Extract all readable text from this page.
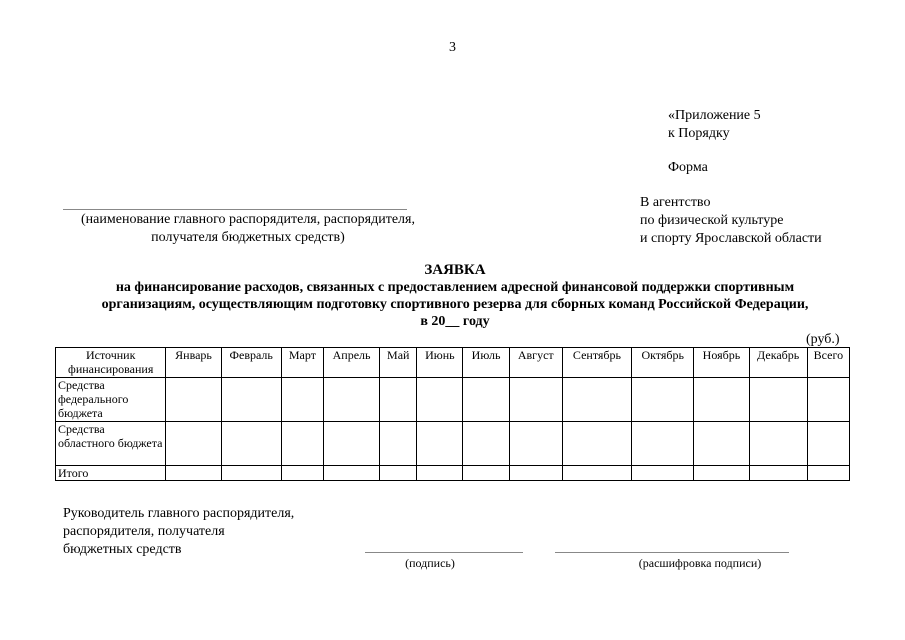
3
«Приложение 5
к Порядку
Форма
В агентство
по физической культуре
и спорту Ярославской области
(наименование главного распорядителя, распорядителя,
получателя бюджетных средств)
ЗАЯВКА
на финансирование расходов, связанных с предоставлением адресной финансовой поддержки спортивным
организациям, осуществляющим подготовку спортивного резерва для сборных команд Российской Федерации,
в 20__ году
(руб.)
Источник финансирования	Январь	Февраль	Март	Апрель	Май	Июнь	Июль	Август	Сентябрь	Октябрь	Ноябрь	Декабрь	Всего
Средства федерального бюджета													
Средства областного бюджета													
Итого													
Руководитель главного распорядителя,
распорядителя, получателя
бюджетных средств
(подпись)	(расшифровка подписи)
